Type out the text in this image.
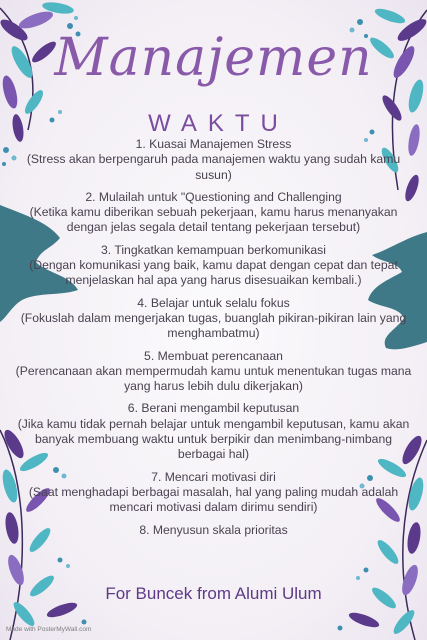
Manajemen
WAKTU
1. Kuasai Manajemen Stress
(Stress akan berpengaruh pada manajemen waktu yang sudah kamu susun)
2. Mulailah untuk "Questioning and Challenging
(Ketika kamu diberikan sebuah pekerjaan, kamu harus menanyakan dengan jelas segala detail tentang pekerjaan tersebut)
3. Tingkatkan kemampuan berkomunikasi
(Dengan komunikasi yang baik, kamu dapat dengan cepat dan tepat menjelaskan hal apa yang harus disesuaikan kembali.)
4. Belajar untuk selalu fokus
(Fokuslah dalam mengerjakan tugas, buanglah pikiran-pikiran lain yang menghambatmu)
5. Membuat perencanaan
(Perencanaan akan mempermudah kamu untuk menentukan tugas mana yang harus lebih dulu dikerjakan)
6. Berani mengambil keputusan
(Jika kamu tidak pernah belajar untuk mengambil keputusan, kamu akan banyak membuang waktu untuk berpikir dan menimbang-nimbang berbagai hal)
7. Mencari motivasi diri
(Saat menghadapi berbagai masalah, hal yang paling mudah adalah mencari motivasi dalam dirimu sendiri)
8. Menyusun skala prioritas
For Buncek from Alumi Ulum
Made with PosterMyWall.com
